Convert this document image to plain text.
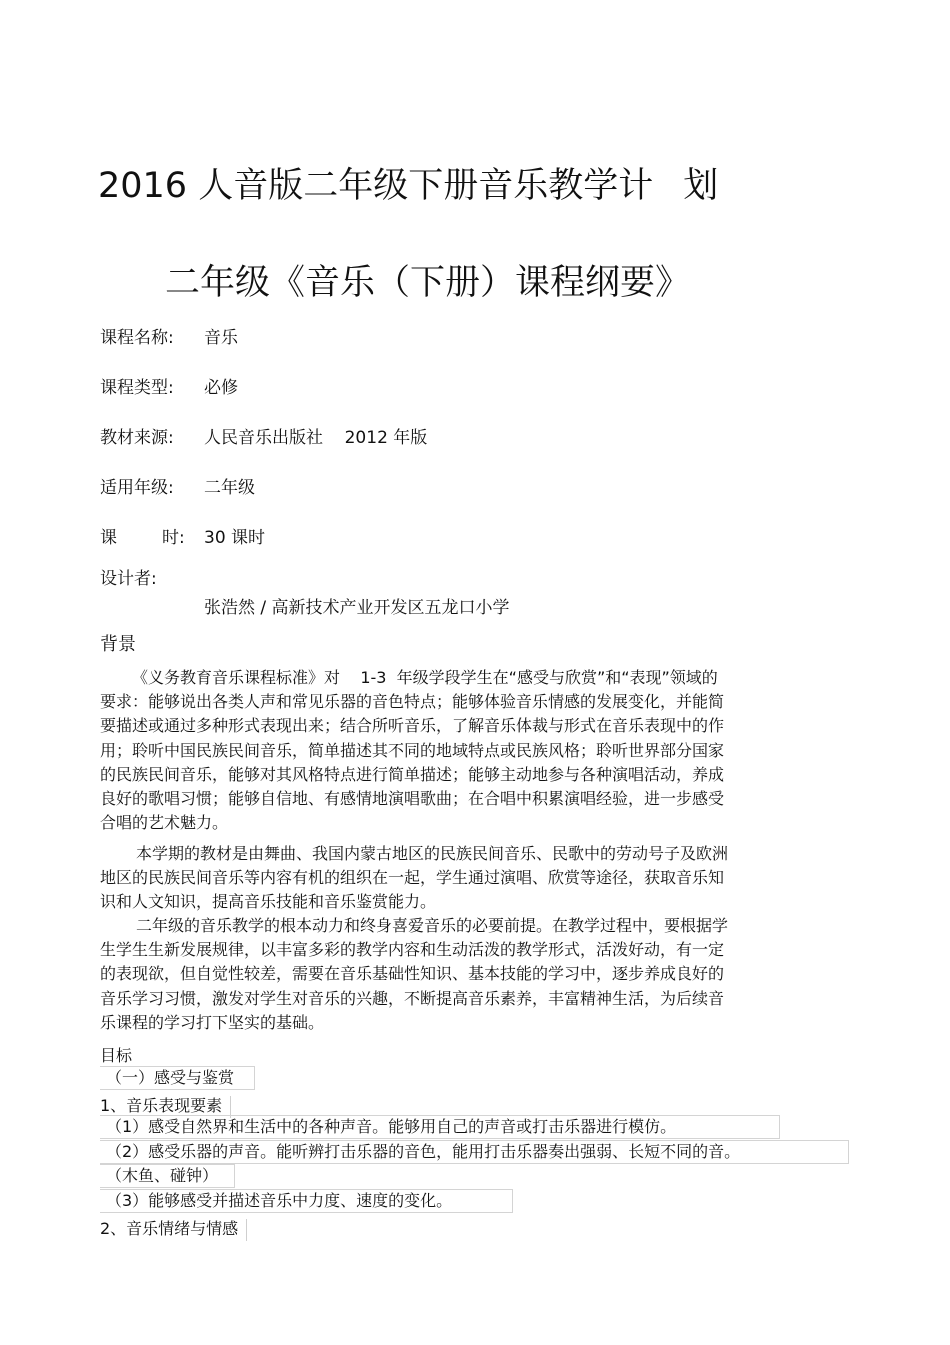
2016 人音版二年级下册音乐教学计 划
二年级《音乐（下册）课程纲要》
课程名称: 音乐
课程类型: 必修
教材来源: 人民音乐出版社    2012 年版
适用年级: 二年级
课	时: 30 课时
设计者:
张浩然 / 高新技术产业开发区五龙口小学
背景
《义务教育音乐课程标准》对    1-3  年级学段学生在“感受与欣赏”和“表现”领域的
要求：能够说出各类人声和常见乐器的音色特点；能够体验音乐情感的发展变化，并能简
要描述或通过多种形式表现出来；结合所听音乐，了解音乐体裁与形式在音乐表现中的作
用；聆听中国民族民间音乐，简单描述其不同的地域特点或民族风格；聆听世界部分国家
的民族民间音乐，能够对其风格特点进行简单描述；能够主动地参与各种演唱活动，养成
良好的歌唱习惯；能够自信地、有感情地演唱歌曲；在合唱中积累演唱经验，进一步感受
合唱的艺术魅力。
本学期的教材是由舞曲、我国内蒙古地区的民族民间音乐、民歌中的劳动号子及欧洲
地区的民族民间音乐等内容有机的组织在一起，学生通过演唱、欣赏等途径，获取音乐知
识和人文知识，提高音乐技能和音乐鉴赏能力。
二年级的音乐教学的根本动力和终身喜爱音乐的必要前提。在教学过程中，要根据学
生学生生新发展规律，以丰富多彩的教学内容和生动活泼的教学形式，活泼好动，有一定
的表现欲，但自觉性较差，需要在音乐基础性知识、基本技能的学习中，逐步养成良好的
音乐学习习惯，激发对学生对音乐的兴趣，不断提高音乐素养，丰富精神生活，为后续音
乐课程的学习打下坚实的基础。
目标
（一）感受与鉴赏
1、音乐表现要素
（1）感受自然界和生活中的各种声音。能够用自己的声音或打击乐器进行模仿。
（2）感受乐器的声音。能听辨打击乐器的音色，能用打击乐器奏出强弱、长短不同的音。
（木鱼、碰钟）
（3）能够感受并描述音乐中力度、速度的变化。
2、音乐情绪与情感
